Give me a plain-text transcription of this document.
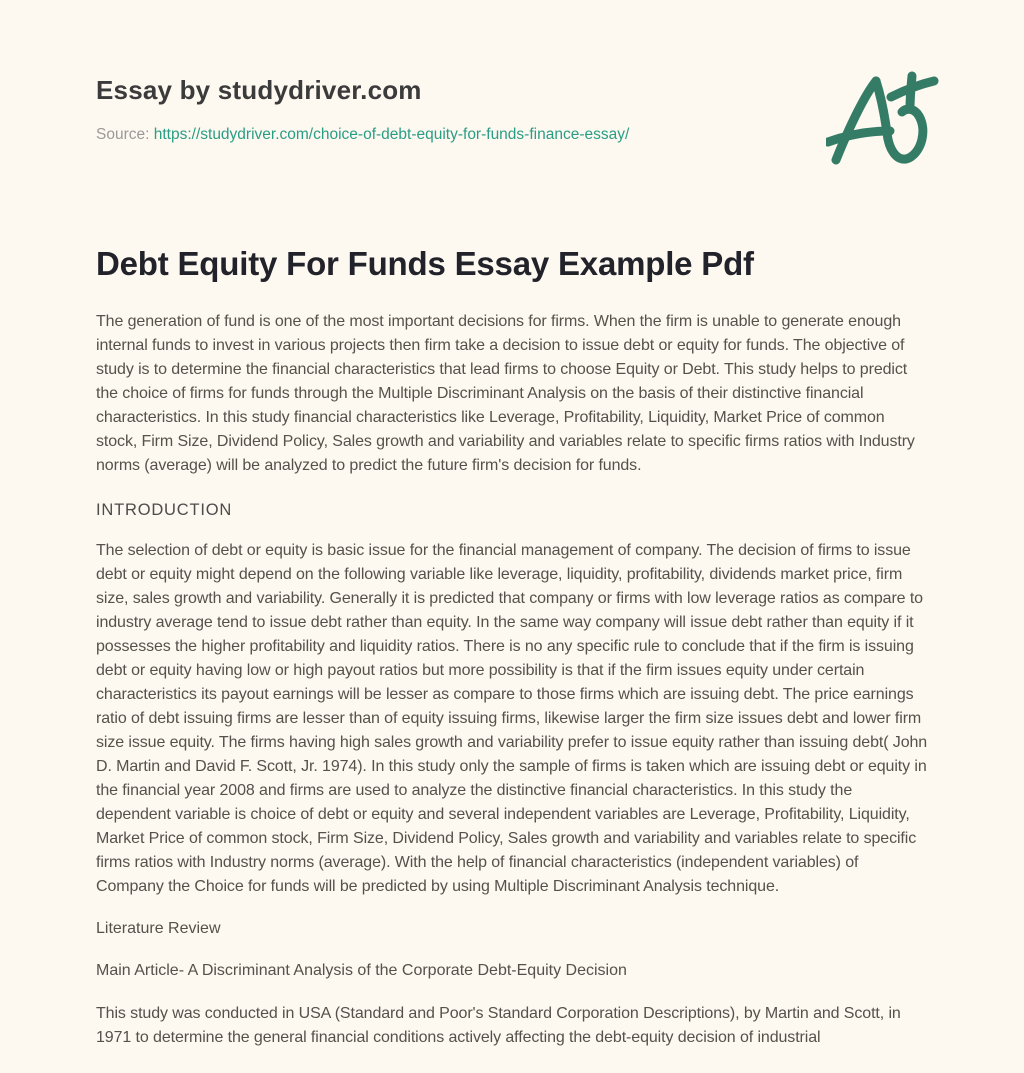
Essay by studydriver.com
Source: https://studydriver.com/choice-of-debt-equity-for-funds-finance-essay/
Debt Equity For Funds Essay Example Pdf

The generation of fund is one of the most important decisions for firms. When the firm is unable to generate enough internal funds to invest in various projects then firm take a decision to issue debt or equity for funds. The objective of study is to determine the financial characteristics that lead firms to choose Equity or Debt. This study helps to predict the choice of firms for funds through the Multiple Discriminant Analysis on the basis of their distinctive financial characteristics. In this study financial characteristics like Leverage, Profitability, Liquidity, Market Price of common stock, Firm Size, Dividend Policy, Sales growth and variability and variables relate to specific firms ratios with Industry norms (average) will be analyzed to predict the future firm's decision for funds.

INTRODUCTION

The selection of debt or equity is basic issue for the financial management of company. The decision of firms to issue debt or equity might depend on the following variable like leverage, liquidity, profitability, dividends market price, firm size, sales growth and variability. Generally it is predicted that company or firms with low leverage ratios as compare to industry average tend to issue debt rather than equity. In the same way company will issue debt rather than equity if it possesses the higher profitability and liquidity ratios. There is no any specific rule to conclude that if the firm is issuing debt or equity having low or high payout ratios but more possibility is that if the firm issues equity under certain characteristics its payout earnings will be lesser as compare to those firms which are issuing debt. The price earnings ratio of debt issuing firms are lesser than of equity issuing firms, likewise larger the firm size issues debt and lower firm size issue equity. The firms having high sales growth and variability prefer to issue equity rather than issuing debt( John D. Martin and David F. Scott, Jr. 1974). In this study only the sample of firms is taken which are issuing debt or equity in the financial year 2008 and firms are used to analyze the distinctive financial characteristics. In this study the dependent variable is choice of debt or equity and several independent variables are Leverage, Profitability, Liquidity, Market Price of common stock, Firm Size, Dividend Policy, Sales growth and variability and variables relate to specific firms ratios with Industry norms (average). With the help of financial characteristics (independent variables) of Company the Choice for funds will be predicted by using Multiple Discriminant Analysis technique.

Literature Review

Main Article- A Discriminant Analysis of the Corporate Debt-Equity Decision

This study was conducted in USA (Standard and Poor's Standard Corporation Descriptions), by Martin and Scott, in 1971 to determine the general financial conditions actively affecting the debt-equity decision of industrial
